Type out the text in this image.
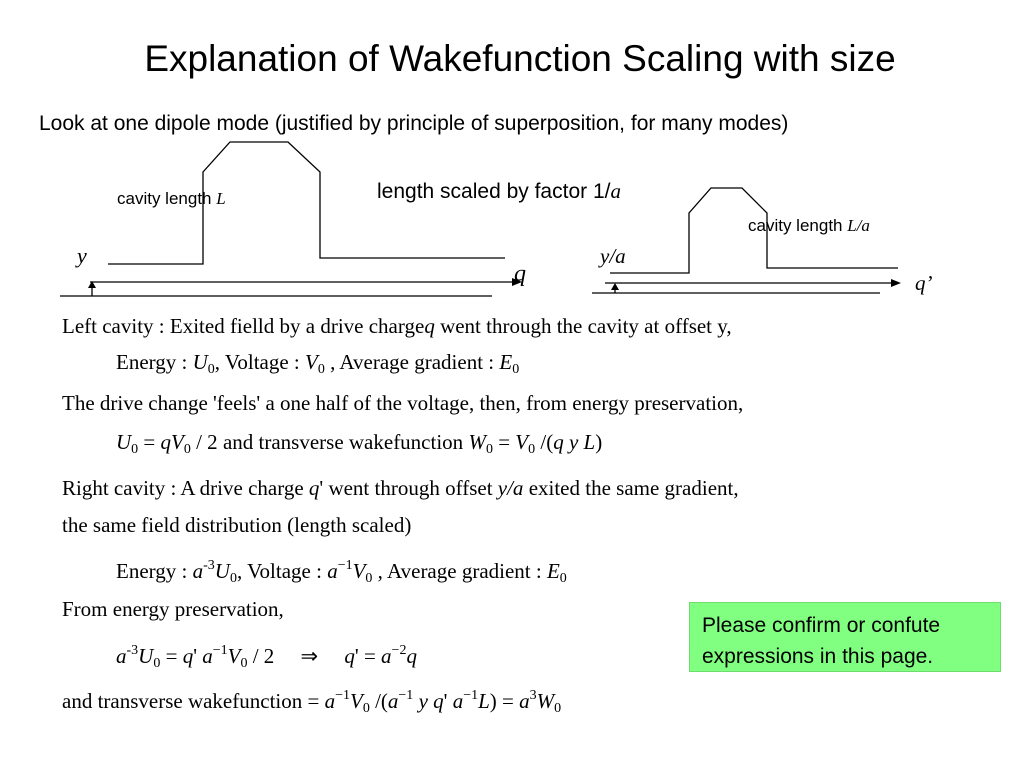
Explanation of Wakefunction Scaling with size
Look at one dipole mode (justified by principle of superposition, for many modes)
cavity length L
y
q
length scaled by factor 1/a
cavity length L/a
y/a
q’
Left cavity : Exited fielld by a drive chargeq went through the cavity at offset y,
Energy : $U_0$, Voltage : $V_0$ , Average gradient : $E_0$
The drive change 'feels' a one half of the voltage, then, from energy preservation,
$U_0 = qV_0 / 2$ and transverse wakefunction $W_0 = V_0$ /(q y L)
Right cavity : A drive charge q' went through offset y/a exited the same gradient,
the same field distribution (length scaled)
Energy : $a^{-3}U_0$, Voltage : $a^{-1}V_0$ , Average gradient : $E_0$
From energy preservation,
$a^{-3}U_0 = q'$ $a^{-1}V_0 / 2$     ⇒     $q' = a^{-2}q$
and transverse wakefunction = $a^{-1}V_0$ $/(a^{-1}$ y q' $a^{-1}L) = a^3W_0$
Please confirm or confute expressions in this page.
